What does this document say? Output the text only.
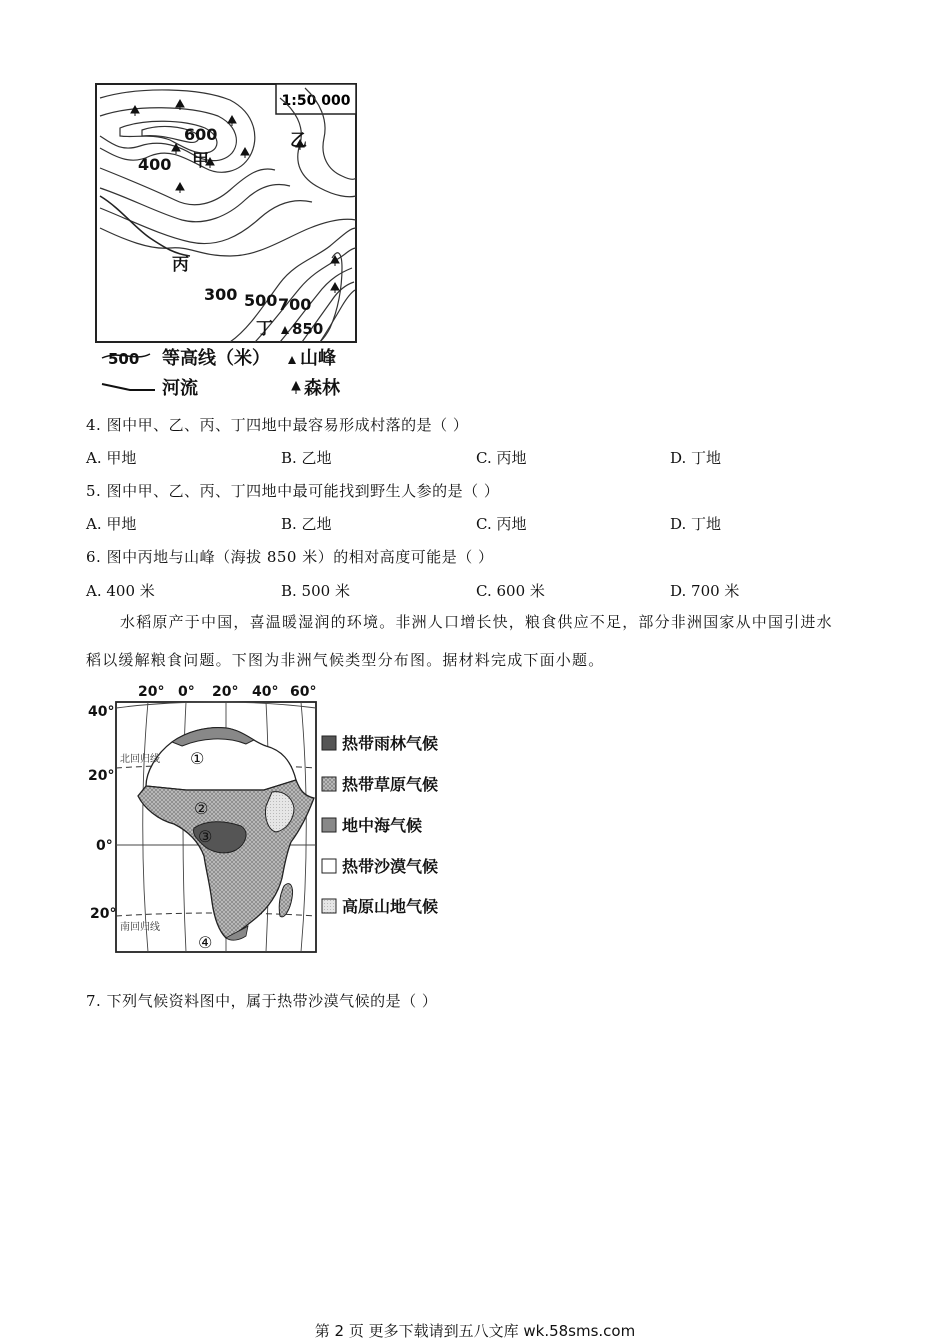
1:50 000
600
甲
400
乙
丙
300 500 700
丁 850
500 等高线（米） 山峰
河流	森林
4. 图中甲、乙、丙、丁四地中最容易形成村落的是（ ）
A. 甲地	B. 乙地	C. 丙地	D. 丁地
5. 图中甲、乙、丙、丁四地中最可能找到野生人参的是（ ）
A. 甲地	B. 乙地	C. 丙地	D. 丁地
6. 图中丙地与山峰（海拔 850 米）的相对高度可能是（ ）
A. 400 米	B. 500 米	C. 600 米	D. 700 米
水稻原产于中国，喜温暖湿润的环境。非洲人口增长快，粮食供应不足，部分非洲国家从中国引进水
稻以缓解粮食问题。下图为非洲气候类型分布图。据材料完成下面小题。
20° 0° 20° 40° 60°
40°
20°
0°
20°
北回归线
南回归线
①
②
③
④
热带雨林气候
热带草原气候
地中海气候
热带沙漠气候
高原山地气候
7. 下列气候资料图中，属于热带沙漠气候的是（ ）
第 2 页 更多下载请到五八文库 wk.58sms.com
